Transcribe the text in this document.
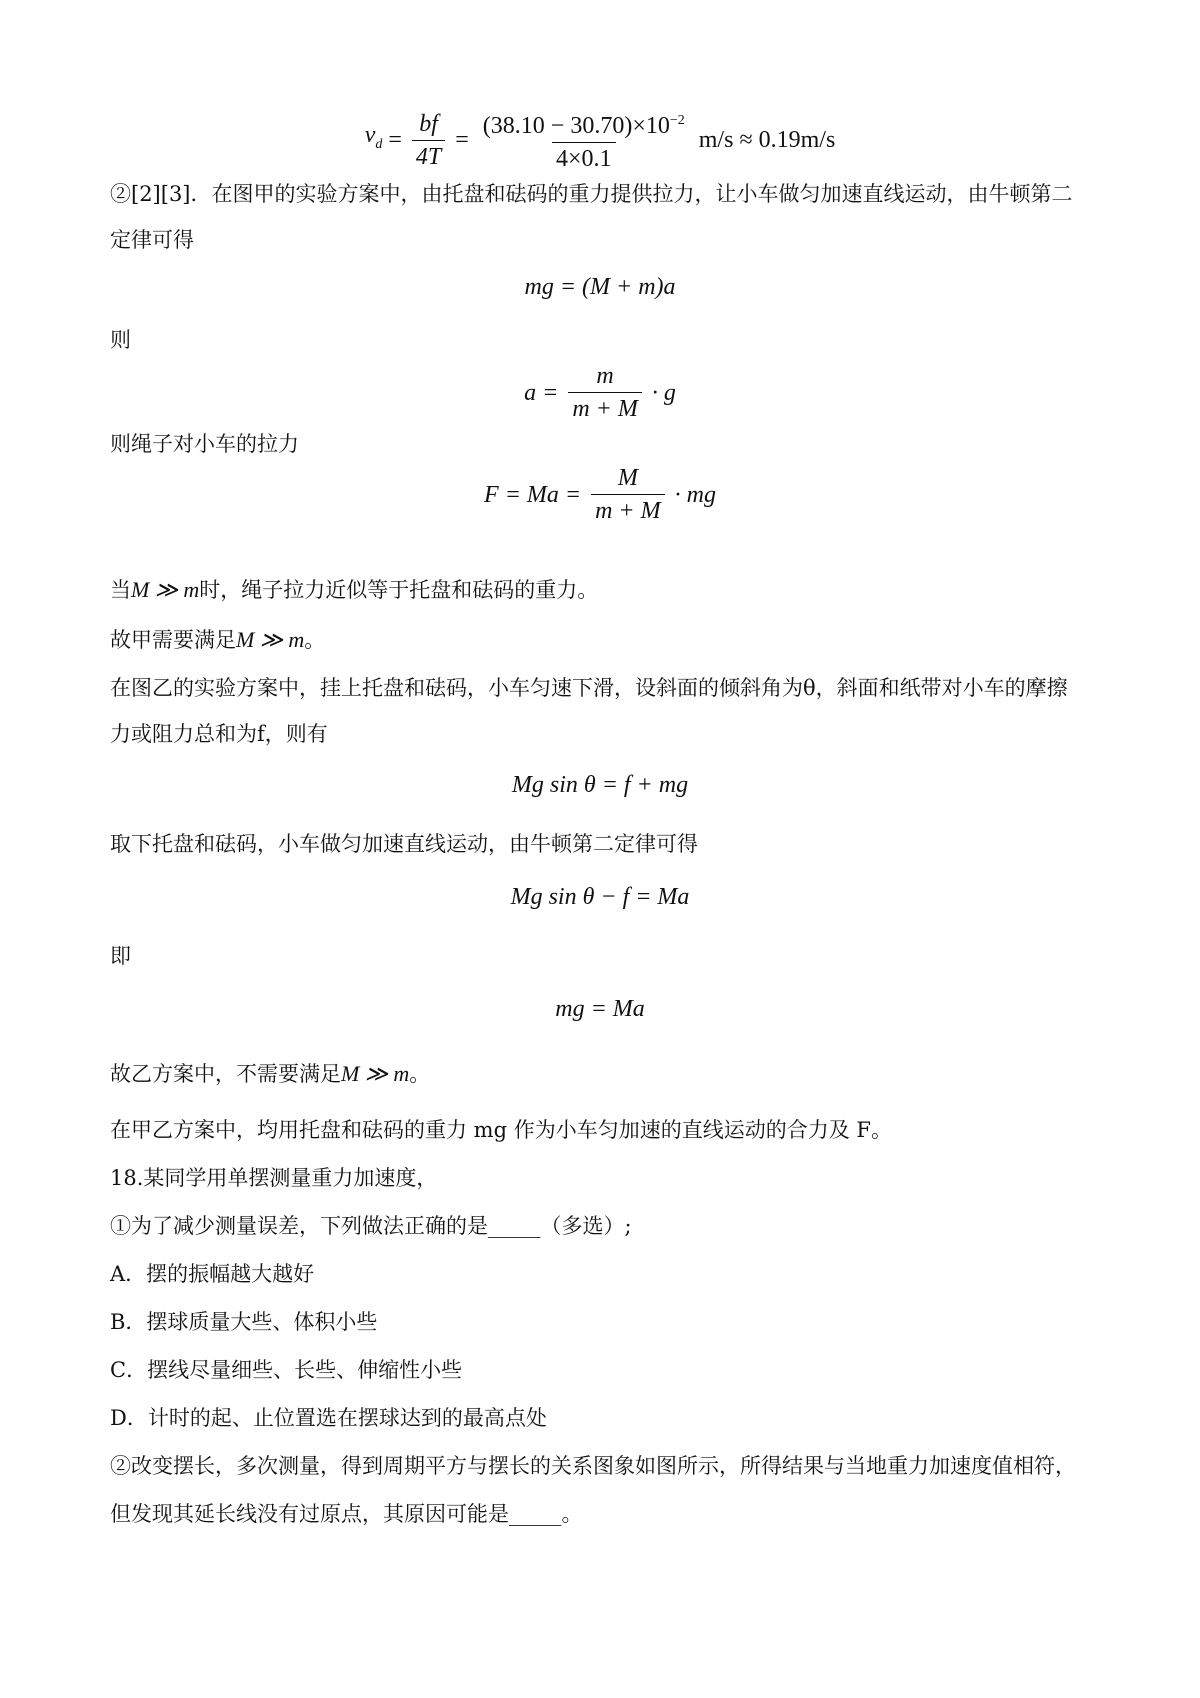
$v_d = \frac{bf}{4T} = \frac{(38.10 - 30.70)\times 10^{-2}}{4\times 0.1} m/s \approx 0.19m/s$
②[2][3]．在图甲的实验方案中，由托盘和砝码的重力提供拉力，让小车做匀加速直线运动，由牛顿第二
定律可得
mg = (M + m)a
则
$a = \frac{m}{m + M} \cdot g$
则绳子对小车的拉力
$F = Ma = \frac{M}{m + M}$ · mg
当M ≫ m时，绳子拉力近似等于托盘和砝码的重力。
故甲需要满足M ≫ m。
在图乙的实验方案中，挂上托盘和砝码，小车匀速下滑，设斜面的倾斜角为θ，斜面和纸带对小车的摩擦
力或阻力总和为f，则有
Mg sin θ = f + mg
取下托盘和砝码，小车做匀加速直线运动，由牛顿第二定律可得
Mg sin θ − f = Ma
即
mg = Ma
故乙方案中，不需要满足M ≫ m。
在甲乙方案中，均用托盘和砝码的重力 mg 作为小车匀加速的直线运动的合力及 F。
18.某同学用单摆测量重力加速度，
①为了减少测量误差，下列做法正确的是_____（多选）;
A．摆的振幅越大越好
B．摆球质量大些、体积小些
C．摆线尽量细些、长些、伸缩性小些
D．计时的起、止位置选在摆球达到的最高点处
②改变摆长，多次测量，得到周期平方与摆长的关系图象如图所示，所得结果与当地重力加速度值相符，
但发现其延长线没有过原点，其原因可能是_____。
